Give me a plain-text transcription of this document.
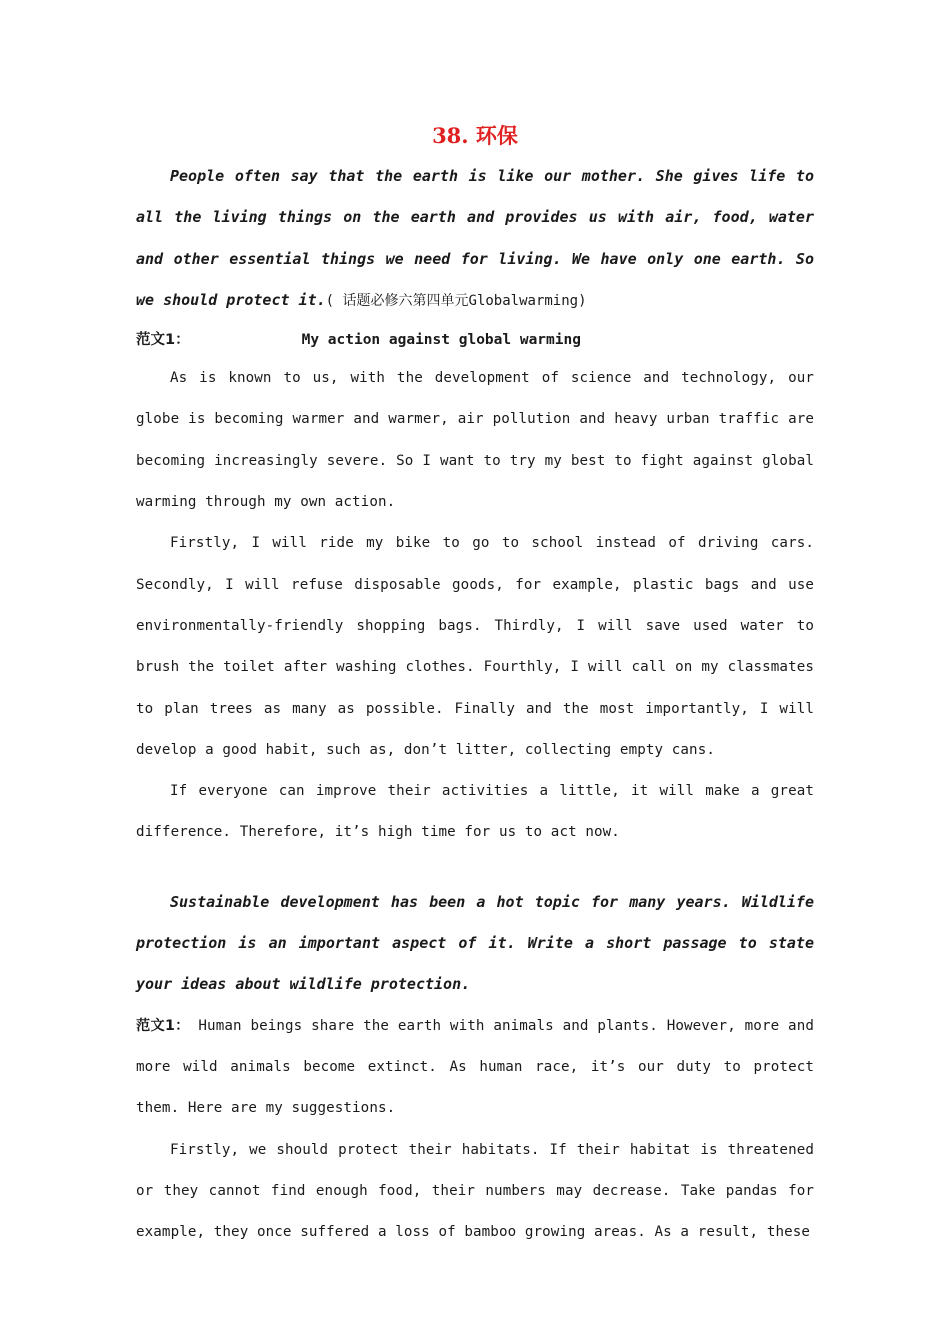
38. 环保

People often say that the earth is like our mother. She gives life to all the living things on the earth and provides us with air, food, water and other essential things we need for living. We have only one earth. So we should protect it.( 话题必修六第四单元Globalwarming)

范文1：	My action against global warming

As is known to us, with the development of science and technology, our globe is becoming warmer and warmer, air pollution and heavy urban traffic are becoming increasingly severe. So I want to try my best to fight against global warming through my own action.

Firstly, I will ride my bike to go to school instead of driving cars. Secondly, I will refuse disposable goods, for example, plastic bags and use environmentally-friendly shopping bags. Thirdly, I will save used water to brush the toilet after washing clothes. Fourthly, I will call on my classmates to plan trees as many as possible. Finally and the most importantly, I will develop a good habit, such as, don’t litter, collecting empty cans.

If everyone can improve their activities a little, it will make a great difference. Therefore, it’s high time for us to act now.

Sustainable development has been a hot topic for many years. Wildlife protection is an important aspect of it. Write a short passage to state your ideas about wildlife protection.

范文1： Human beings share the earth with animals and plants. However, more and more wild animals become extinct. As human race, it’s our duty to protect them. Here are my suggestions.

Firstly, we should protect their habitats. If their habitat is threatened or they cannot find enough food, their numbers may decrease. Take pandas for example, they once suffered a loss of bamboo growing areas. As a result, these
